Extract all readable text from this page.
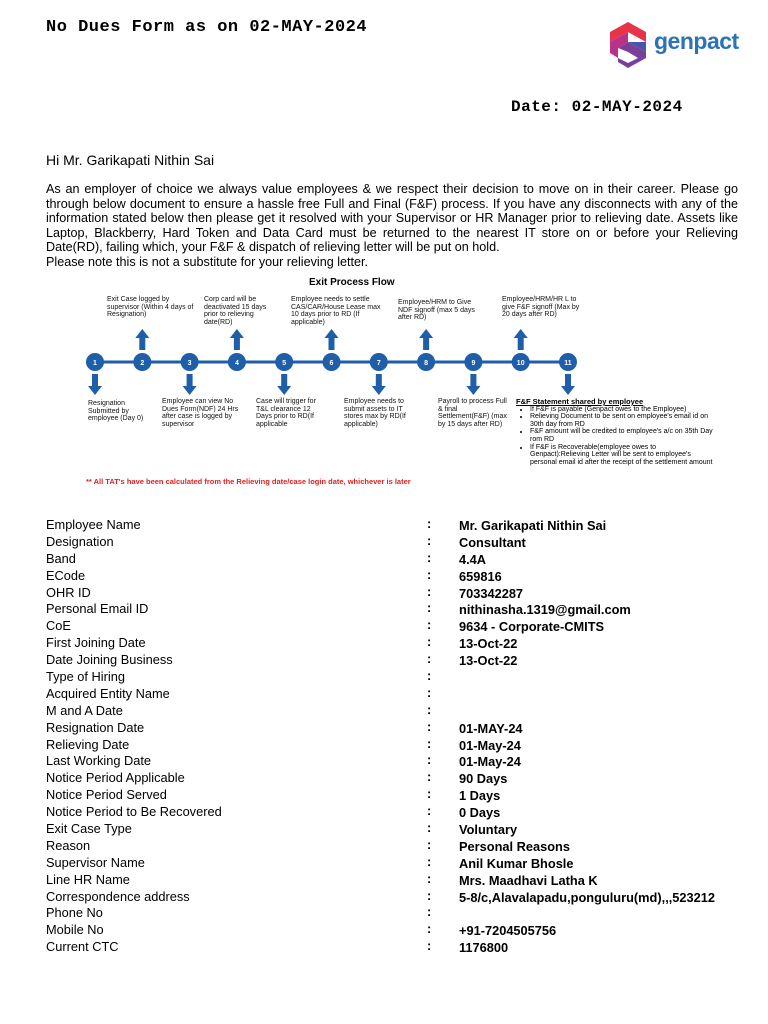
No Dues Form as on 02-MAY-2024
genpact
Date: 02-MAY-2024
Hi Mr. Garikapati Nithin Sai

As an employer of choice we always value employees & we respect their decision to move on in their career. Please go through below document to ensure a hassle free Full and Final (F&F) process. If you have any disconnects with any of the information stated below then please get it resolved with your Supervisor or HR Manager prior to relieving date. Assets like Laptop, Blackberry, Hard Token and Data Card must be returned to the nearest IT store on or before your Relieving Date(RD), failing which, your F&F & dispatch of relieving letter will be put on hold.

Please note this is not a substitute for your relieving letter.
1	2	3	4	5	6	7	8	9	10	11
Exit Process Flow
Exit Case logged by supervisor (Within 4 days of Resignation)
Corp card will be deactivated 15 days prior to relieving date(RD)
Employee needs to settle CAS/CAR/House Lease max 10 days prior to RD (If applicable)
Employee/HRM to Give NDF signoff (max 5 days after RD)
Employee/HRM/HR L to give F&F signoff (Max by 20 days after RD)
Resignation Submitted by employee (Day 0)
Employee can view No Dues Form(NDF) 24 Hrs after case is logged by supervisor
Case will trigger for T&L clearance 12 Days prior to RD(If applicable
Employee needs to submit assets to IT stores max by RD(If applicable)
Payroll to process Full & final Settlement(F&F) (max by 15 days after RD)
F&F Statement shared by employee
• If F&F is payable (Genpact owes to the Employee)
• Relieving Document to be sent on employee's email id on 30th day from RD
• F&F amount will be credited to employee's a/c on 35th Day rom RD
• If F&F is Recoverable(employee owes to Genpact):Relieving Letter will be sent to employee's personal email id after the receipt of the settlement amount
** All TAT's have been calculated from the Relieving date/case login date, whichever is later
Employee Name	: Mr. Garikapati Nithin Sai
Designation	: Consultant
Band	: 4.4A
ECode	: 659816
OHR ID	: 703342287
Personal Email ID	: nithinasha.1319@gmail.com
CoE	: 9634 - Corporate-CMITS
First Joining Date	: 13-Oct-22
Date Joining Business	: 13-Oct-22
Type of Hiring	:
Acquired Entity Name	:
M and A Date	:
Resignation Date	: 01-MAY-24
Relieving Date	: 01-May-24
Last Working Date	: 01-May-24
Notice Period Applicable	: 90 Days
Notice Period Served	: 1 Days
Notice Period to Be Recovered	: 0 Days
Exit Case Type	: Voluntary
Reason	: Personal Reasons
Supervisor Name	: Anil Kumar Bhosle
Line HR Name	: Mrs. Maadhavi Latha K
Correspondence address	: 5-8/c,Alavalapadu,ponguluru(md),,,523212
Phone No	:
Mobile No	: +91-7204505756
Current CTC	: 1176800
